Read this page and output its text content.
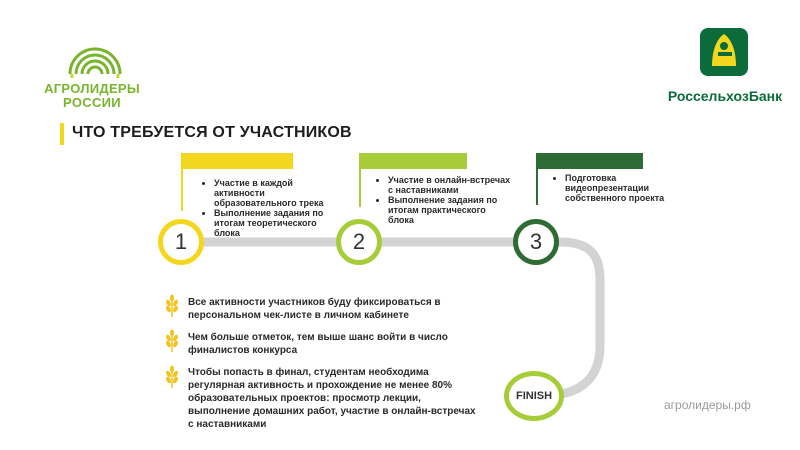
АГРОЛИДЕРЫ
РОССИИ	РоссельхозБанк
ЧТО ТРЕБУЕТСЯ ОТ УЧАСТНИКОВ
• Участие в каждой активности образовательного трека
• Выполнение задания по итогам теоретического блока
• Участие в онлайн-встречах с наставниками
• Выполнение задания по итогам практического блока
• Подготовка видеопрезентации собственного проекта
1	2	3
FINISH
Все активности участников буду фиксироваться в персональном чек-листе в личном кабинете
Чем больше отметок, тем выше шанс войти в число финалистов конкурса
Чтобы попасть в финал, студентам необходима регулярная активность и прохождение не менее 80% образовательных проектов: просмотр лекции, выполнение домашних работ, участие в онлайн-встречах с наставниками
агролидеры.рф
